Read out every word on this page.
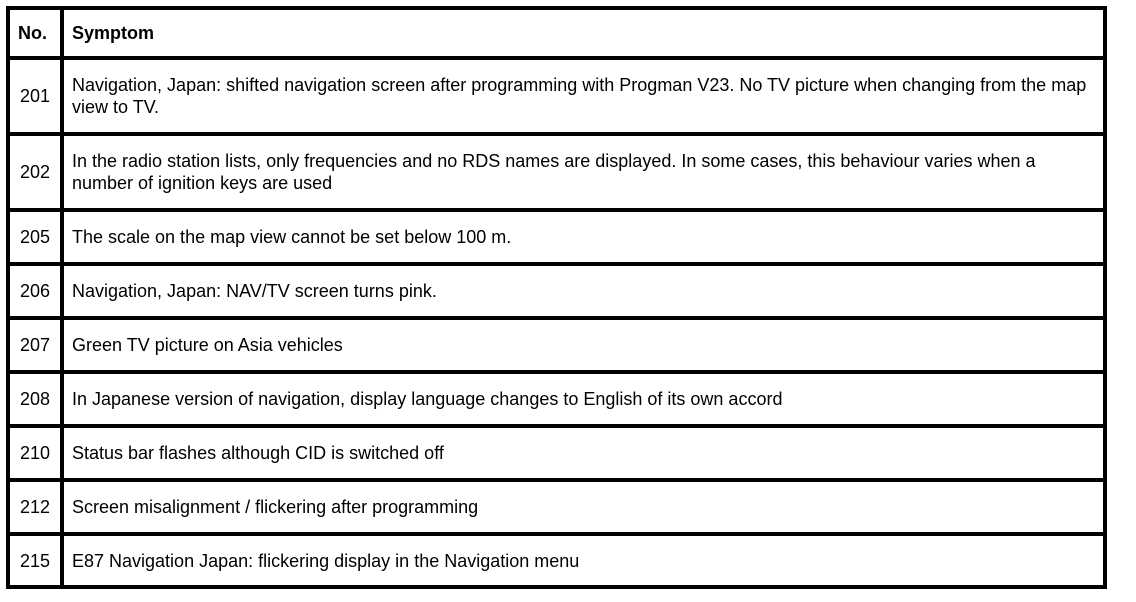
No.	Symptom
201	Navigation, Japan: shifted navigation screen after programming with Progman V23. No TV picture when changing from the map view to TV.
202	In the radio station lists, only frequencies and no RDS names are displayed. In some cases, this behaviour varies when a number of ignition keys are used
205	The scale on the map view cannot be set below 100 m.
206	Navigation, Japan: NAV/TV screen turns pink.
207	Green TV picture on Asia vehicles
208	In Japanese version of navigation, display language changes to English of its own accord
210	Status bar flashes although CID is switched off
212	Screen misalignment / flickering after programming
215	E87 Navigation Japan: flickering display in the Navigation menu
